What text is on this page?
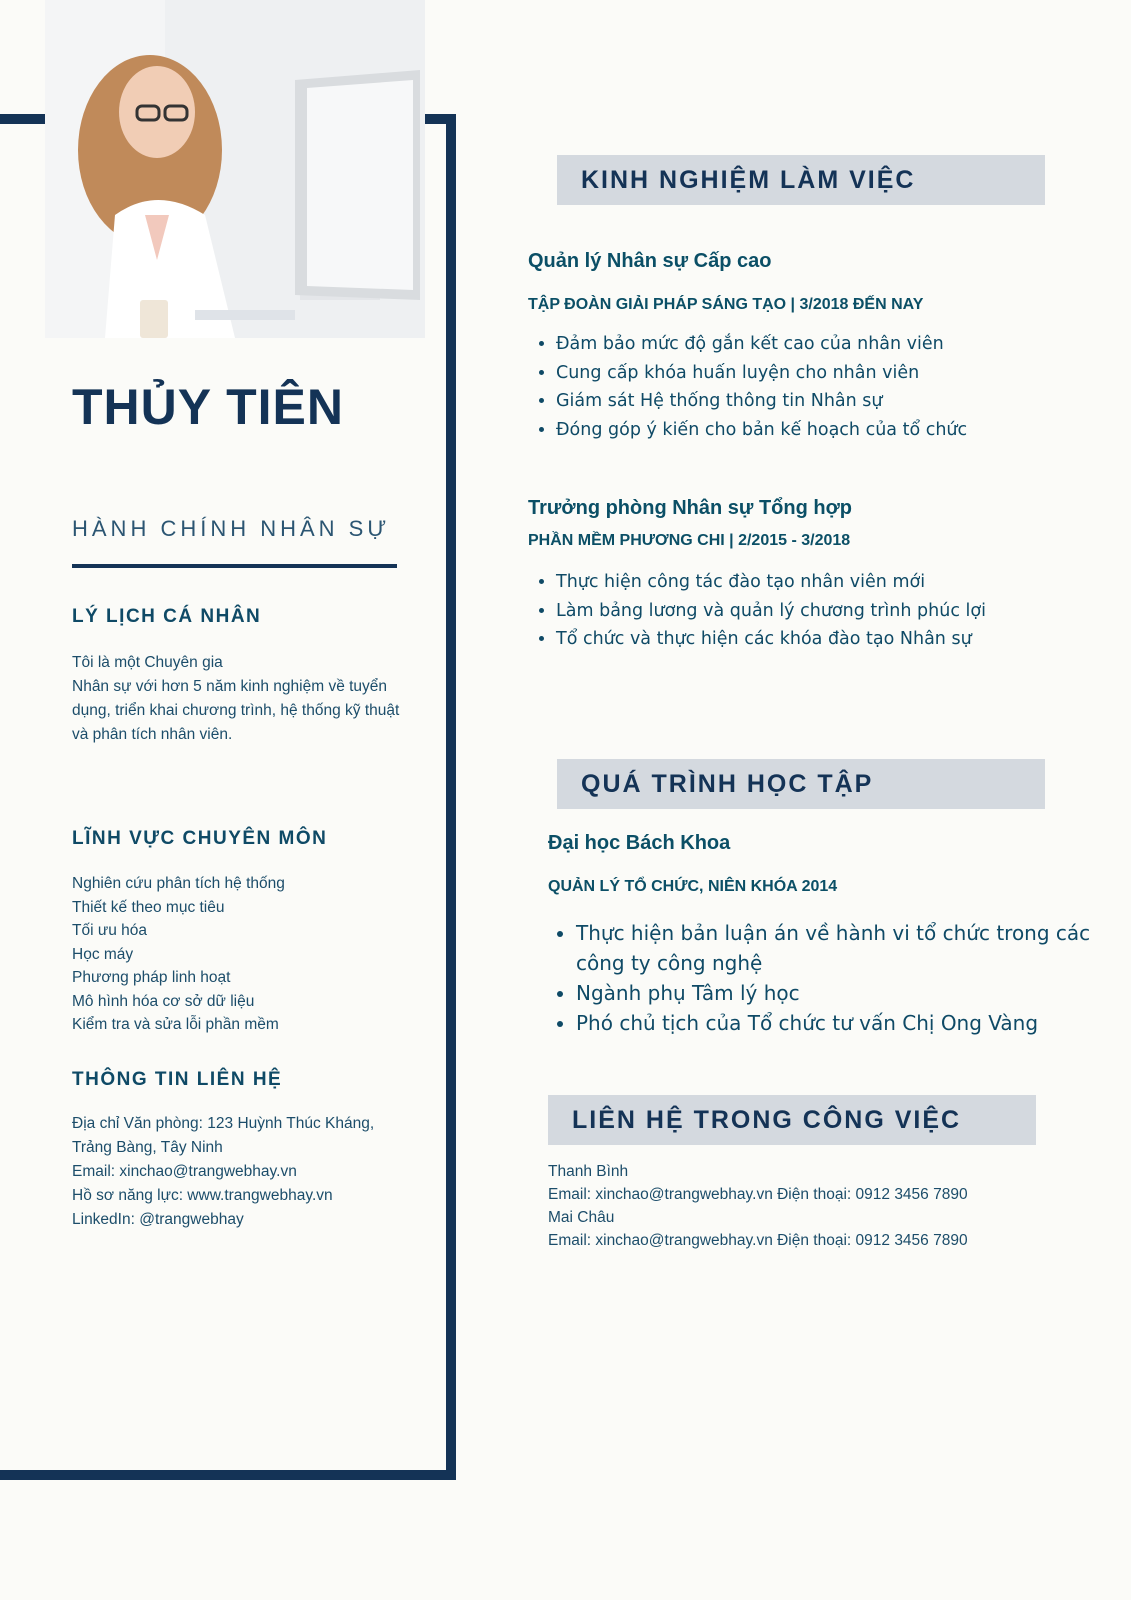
THỦY TIÊN
HÀNH CHÍNH NHÂN SỰ
LÝ LỊCH CÁ NHÂN
Tôi là một Chuyên gia
Nhân sự với hơn 5 năm kinh nghiệm về tuyển
dụng, triển khai chương trình, hệ thống kỹ thuật
và phân tích nhân viên.
LĨNH VỰC CHUYÊN MÔN
Nghiên cứu phân tích hệ thống
Thiết kế theo mục tiêu
Tối ưu hóa
Học máy
Phương pháp linh hoạt
Mô hình hóa cơ sở dữ liệu
Kiểm tra và sửa lỗi phần mềm
THÔNG TIN LIÊN HỆ
Địa chỉ Văn phòng: 123 Huỳnh Thúc Kháng,
Trảng Bàng, Tây Ninh
Email: xinchao@trangwebhay.vn
Hồ sơ năng lực: www.trangwebhay.vn
LinkedIn: @trangwebhay
KINH NGHIỆM LÀM VIỆC
Quản lý Nhân sự Cấp cao
TẬP ĐOÀN GIẢI PHÁP SÁNG TẠO | 3/2018 ĐẾN NAY
• Đảm bảo mức độ gắn kết cao của nhân viên
• Cung cấp khóa huấn luyện cho nhân viên
• Giám sát Hệ thống thông tin Nhân sự
• Đóng góp ý kiến cho bản kế hoạch của tổ chức
Trưởng phòng Nhân sự Tổng hợp
PHẦN MỀM PHƯƠNG CHI | 2/2015 - 3/2018
• Thực hiện công tác đào tạo nhân viên mới
• Làm bảng lương và quản lý chương trình phúc lợi
• Tổ chức và thực hiện các khóa đào tạo Nhân sự
QUÁ TRÌNH HỌC TẬP
Đại học Bách Khoa
QUẢN LÝ TỔ CHỨC, NIÊN KHÓA 2014
• Thực hiện bản luận án về hành vi tổ chức trong các công ty công nghệ
• Ngành phụ Tâm lý học
• Phó chủ tịch của Tổ chức tư vấn Chị Ong Vàng
LIÊN HỆ TRONG CÔNG VIỆC
Thanh Bình
Email: xinchao@trangwebhay.vn Điện thoại: 0912 3456 7890
Mai Châu
Email: xinchao@trangwebhay.vn Điện thoại: 0912 3456 7890
